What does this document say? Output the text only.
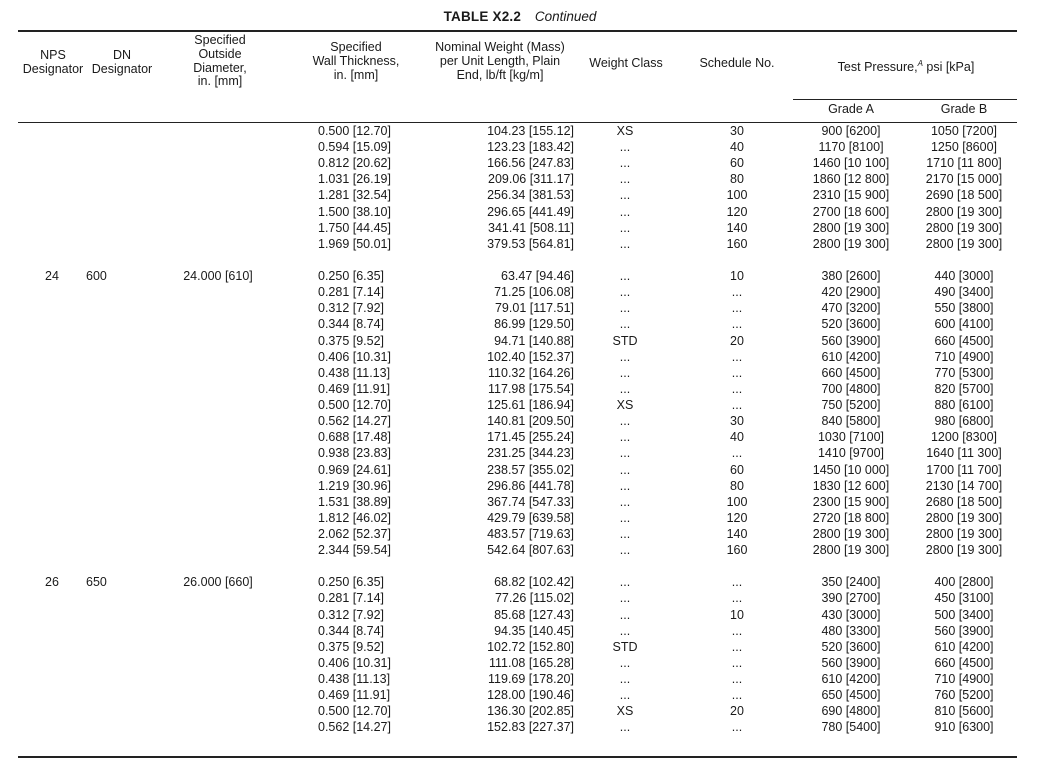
TABLE X2.2 Continued
NPS
Designator
DN
Designator
Specified
Outside
Diameter,
in. [mm]
Specified
Wall Thickness,
in. [mm]
Nominal Weight (Mass)
per Unit Length, Plain
End, lb/ft [kg/m]
Weight Class	Schedule No.	Test Pressure,$^A$ psi [kPa]
Grade A	Grade B
0.500 [12.70]	104.23 [155.12]	XS	30	900 [6200]	1050 [7200]
0.594 [15.09]	123.23 [183.42]	...	40	1170 [8100]	1250 [8600]
0.812 [20.62]	166.56 [247.83]	...	60	1460 [10 100]	1710 [11 800]
1.031 [26.19]	209.06 [311.17]	...	80	1860 [12 800]	2170 [15 000]
1.281 [32.54]	256.34 [381.53]	...	100	2310 [15 900]	2690 [18 500]
1.500 [38.10]	296.65 [441.49]	...	120	2700 [18 600]	2800 [19 300]
1.750 [44.45]	341.41 [508.11]	...	140	2800 [19 300]	2800 [19 300]
1.969 [50.01]	379.53 [564.81]	...	160	2800 [19 300]	2800 [19 300]
24	600	24.000 [610]	0.250 [6.35]	63.47 [94.46]	...	10	380 [2600]	440 [3000]
0.281 [7.14]	71.25 [106.08]	...	...	420 [2900]	490 [3400]
0.312 [7.92]	79.01 [117.51]	...	...	470 [3200]	550 [3800]
0.344 [8.74]	86.99 [129.50]	...	...	520 [3600]	600 [4100]
0.375 [9.52]	94.71 [140.88]	STD	20	560 [3900]	660 [4500]
0.406 [10.31]	102.40 [152.37]	...	...	610 [4200]	710 [4900]
0.438 [11.13]	110.32 [164.26]	...	...	660 [4500]	770 [5300]
0.469 [11.91]	117.98 [175.54]	...	...	700 [4800]	820 [5700]
0.500 [12.70]	125.61 [186.94]	XS	...	750 [5200]	880 [6100]
0.562 [14.27]	140.81 [209.50]	...	30	840 [5800]	980 [6800]
0.688 [17.48]	171.45 [255.24]	...	40	1030 [7100]	1200 [8300]
0.938 [23.83]	231.25 [344.23]	...	...	1410 [9700]	1640 [11 300]
0.969 [24.61]	238.57 [355.02]	...	60	1450 [10 000]	1700 [11 700]
1.219 [30.96]	296.86 [441.78]	...	80	1830 [12 600]	2130 [14 700]
1.531 [38.89]	367.74 [547.33]	...	100	2300 [15 900]	2680 [18 500]
1.812 [46.02]	429.79 [639.58]	...	120	2720 [18 800]	2800 [19 300]
2.062 [52.37]	483.57 [719.63]	...	140	2800 [19 300]	2800 [19 300]
2.344 [59.54]	542.64 [807.63]	...	160	2800 [19 300]	2800 [19 300]
26	650	26.000 [660]	0.250 [6.35]	68.82 [102.42]	...	...	350 [2400]	400 [2800]
0.281 [7.14]	77.26 [115.02]	...	...	390 [2700]	450 [3100]
0.312 [7.92]	85.68 [127.43]	...	10	430 [3000]	500 [3400]
0.344 [8.74]	94.35 [140.45]	...	...	480 [3300]	560 [3900]
0.375 [9.52]	102.72 [152.80]	STD	...	520 [3600]	610 [4200]
0.406 [10.31]	111.08 [165.28]	...	...	560 [3900]	660 [4500]
0.438 [11.13]	119.69 [178.20]	...	...	610 [4200]	710 [4900]
0.469 [11.91]	128.00 [190.46]	...	...	650 [4500]	760 [5200]
0.500 [12.70]	136.30 [202.85]	XS	20	690 [4800]	810 [5600]
0.562 [14.27]	152.83 [227.37]	...	...	780 [5400]	910 [6300]
